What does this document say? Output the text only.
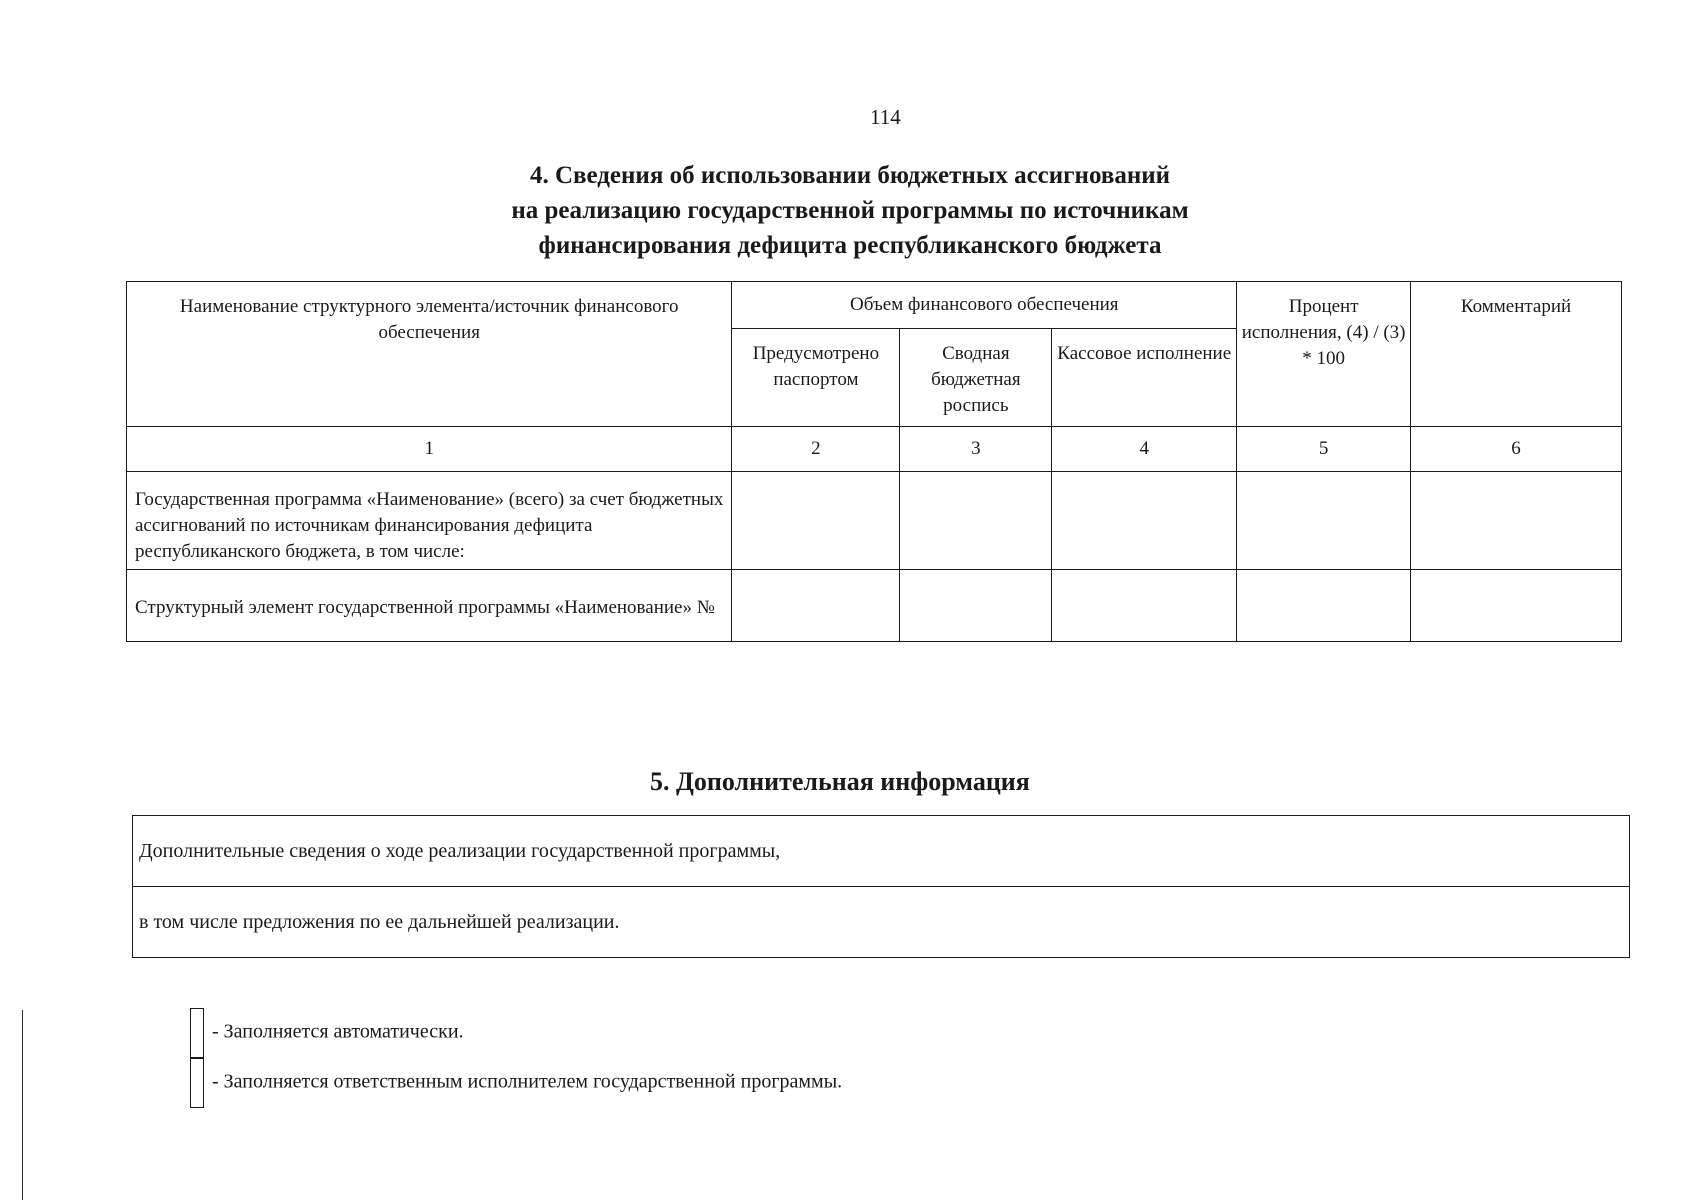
114
4. Сведения об использовании бюджетных ассигнований
на реализацию государственной программы по источникам
финансирования дефицита республиканского бюджета
Наименование структурного элемента/источник финансового обеспечения	Объем финансового обеспечения			Процент исполнения, (4) / (3) * 100	Комментарий
	Предусмотрено паспортом	Сводная бюджетная роспись	Кассовое исполнение		
1	2	3	4	5	6
Государственная программа «Наименование» (всего) за счет бюджетных ассигнований по источникам финансирования дефицита республиканского бюджета, в том числе:					
Структурный элемент государственной программы «Наименование» №					
5. Дополнительная информация
Дополнительные сведения о ходе реализации государственной программы,
в том числе предложения по ее дальнейшей реализации.
- Заполняется автоматически.
- Заполняется ответственным исполнителем государственной программы.
